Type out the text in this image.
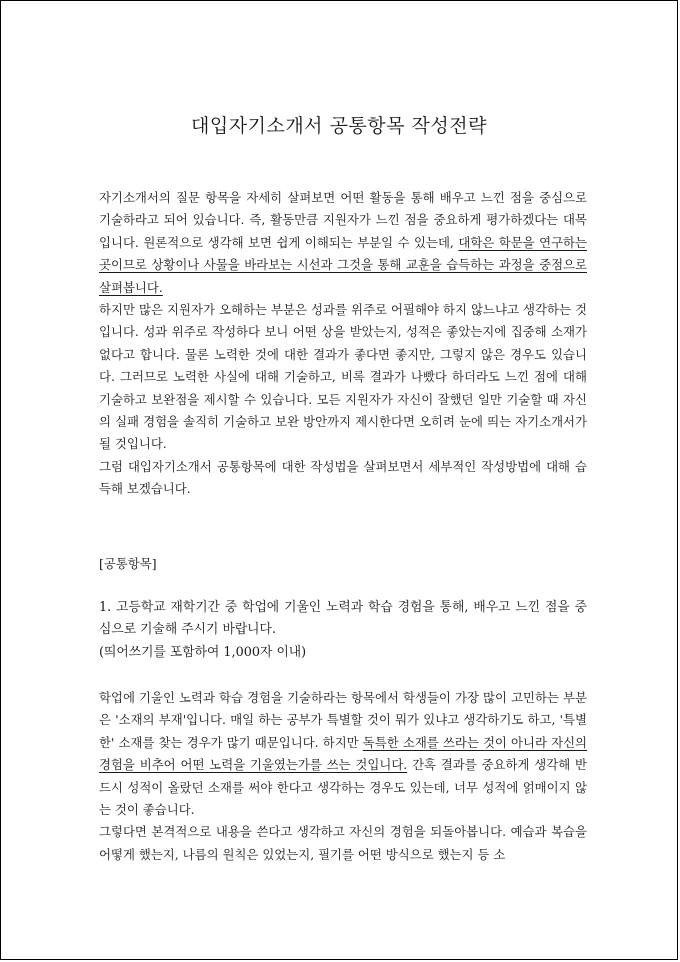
대입자기소개서 공통항목 작성전략

자기소개서의 질문 항목을 자세히 살펴보면 어떤 활동을 통해 배우고 느낀 점을 중심으로 기술하라고 되어 있습니다. 즉, 활동만큼 지원자가 느낀 점을 중요하게 평가하겠다는 대목입니다. 원론적으로 생각해 보면 쉽게 이해되는 부분일 수 있는데, 대학은 학문을 연구하는 곳이므로 상황이나 사물을 바라보는 시선과 그것을 통해 교훈을 습득하는 과정을 중점으로 살펴봅니다.

하지만 많은 지원자가 오해하는 부분은 성과를 위주로 어필해야 하지 않느냐고 생각하는 것입니다. 성과 위주로 작성하다 보니 어떤 상을 받았는지, 성적은 좋았는지에 집중해 소재가 없다고 합니다. 물론 노력한 것에 대한 결과가 좋다면 좋지만, 그렇지 않은 경우도 있습니다. 그러므로 노력한 사실에 대해 기술하고, 비록 결과가 나빴다 하더라도 느낀 점에 대해 기술하고 보완점을 제시할 수 있습니다. 모든 지원자가 자신이 잘했던 일만 기술할 때 자신의 실패 경험을 솔직히 기술하고 보완 방안까지 제시한다면 오히려 눈에 띄는 자기소개서가 될 것입니다.

그럼 대입자기소개서 공통항목에 대한 작성법을 살펴보면서 세부적인 작성방법에 대해 습득해 보겠습니다.

[공통항목]

1. 고등학교 재학기간 중 학업에 기울인 노력과 학습 경험을 통해, 배우고 느낀 점을 중심으로 기술해 주시기 바랍니다.

(띄어쓰기를 포함하여 1,000자 이내)

학업에 기울인 노력과 학습 경험을 기술하라는 항목에서 학생들이 가장 많이 고민하는 부분은 '소재의 부재'입니다. 매일 하는 공부가 특별할 것이 뭐가 있냐고 생각하기도 하고, '특별한' 소재를 찾는 경우가 많기 때문입니다. 하지만 독특한 소재를 쓰라는 것이 아니라 자신의 경험을 비추어 어떤 노력을 기울였는가를 쓰는 것입니다. 간혹 결과를 중요하게 생각해 반드시 성적이 올랐던 소재를 써야 한다고 생각하는 경우도 있는데, 너무 성적에 얽매이지 않는 것이 좋습니다.

그렇다면 본격적으로 내용을 쓴다고 생각하고 자신의 경험을 되돌아봅니다. 예습과 복습을 어떻게 했는지, 나름의 원칙은 있었는지, 필기를 어떤 방식으로 했는지 등 소
